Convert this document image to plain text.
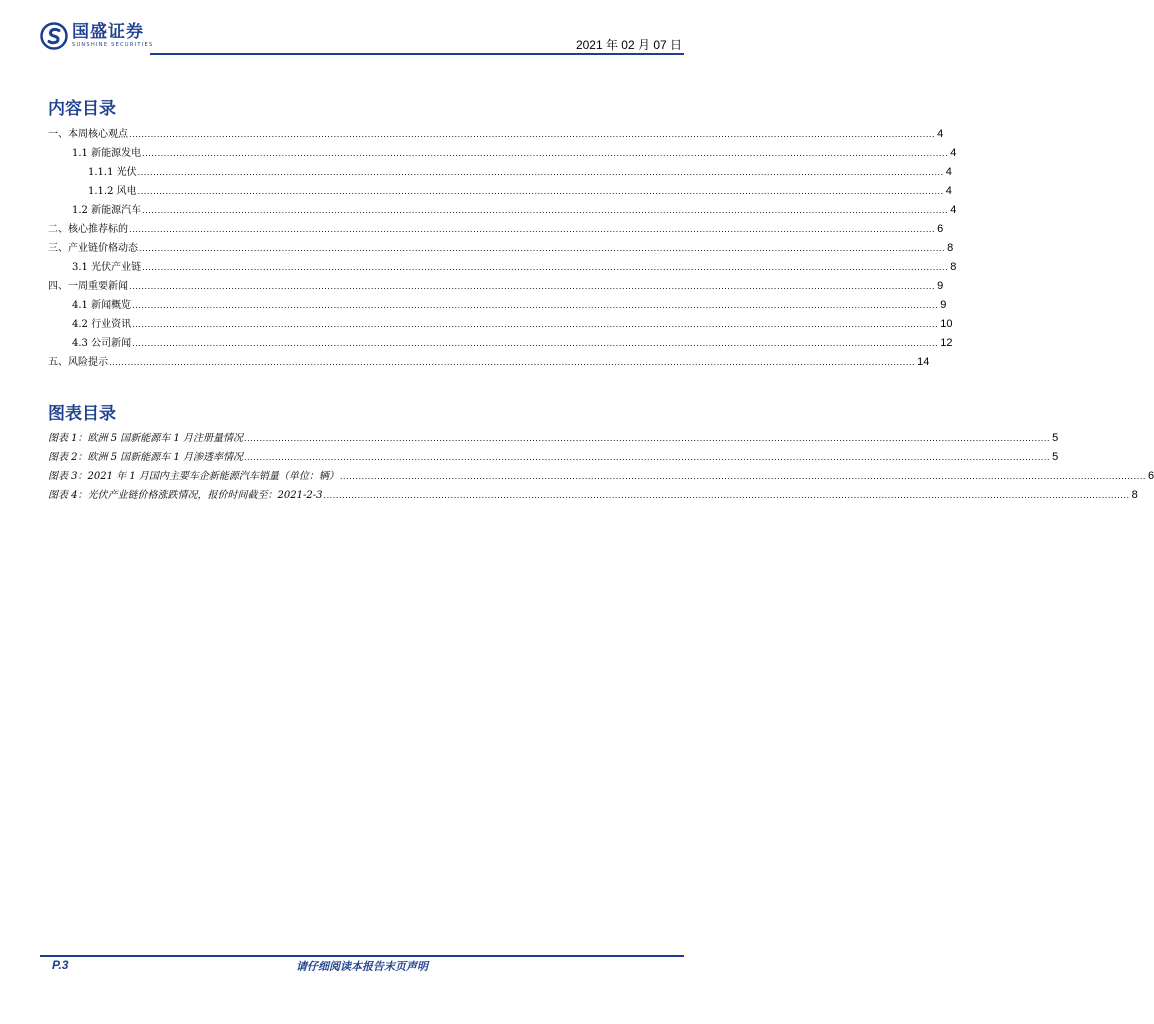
国盛证券
SUNSHINE SECURITIES	2021 年 02 月 07 日
内容目录
一、本周核心观点 .................................................................................................................................................................................................................................................................... 4
1.1 新能源发电 .................................................................................................................................................................................................................................................................... 4
1.1.1 光伏 .................................................................................................................................................................................................................................................................... 4
1.1.2 风电 .................................................................................................................................................................................................................................................................... 4
1.2 新能源汽车 .................................................................................................................................................................................................................................................................... 4
二、核心推荐标的 .................................................................................................................................................................................................................................................................... 6
三、产业链价格动态 .................................................................................................................................................................................................................................................................... 8
3.1 光伏产业链 .................................................................................................................................................................................................................................................................... 8
四、一周重要新闻 .................................................................................................................................................................................................................................................................... 9
4.1 新闻概览 .................................................................................................................................................................................................................................................................... 9
4.2 行业资讯 .................................................................................................................................................................................................................................................................... 10
4.3 公司新闻 .................................................................................................................................................................................................................................................................... 12
五、风险提示 .................................................................................................................................................................................................................................................................... 14
图表目录
图表 1：欧洲 5 国新能源车 1 月注册量情况 .................................................................................................................................................................................................................................................................... 5
图表 2：欧洲 5 国新能源车 1 月渗透率情况 .................................................................................................................................................................................................................................................................... 5
图表 3：2021 年 1 月国内主要车企新能源汽车销量（单位：辆） .................................................................................................................................................................................................................................................................... 6
图表 4：光伏产业链价格涨跌情况，报价时间截至：2021-2-3 .................................................................................................................................................................................................................................................................... 8
P.3	请仔细阅读本报告末页声明
